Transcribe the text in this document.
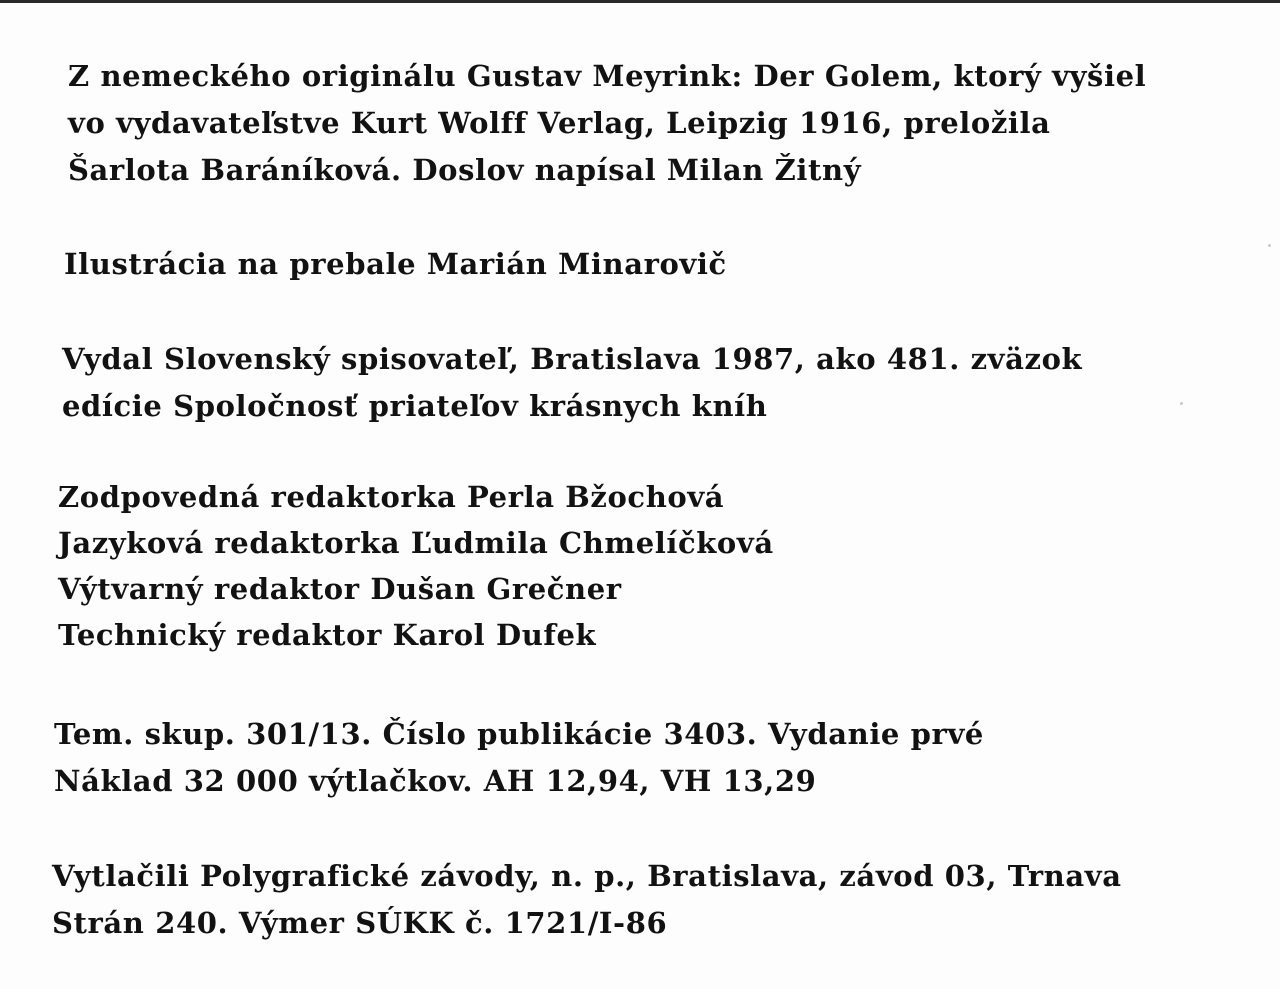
Z nemeckého originálu Gustav Meyrink: Der Golem, ktorý vyšiel
vo vydavateľstve Kurt Wolff Verlag, Leipzig 1916, preložila
Šarlota Baráníková. Doslov napísal Milan Žitný
Ilustrácia na prebale Marián Minarovič
Vydal Slovenský spisovateľ, Bratislava 1987, ako 481. zväzok
edície Spoločnosť priateľov krásnych kníh
Zodpovedná redaktorka Perla Bžochová
Jazyková redaktorka Ľudmila Chmelíčková
Výtvarný redaktor Dušan Grečner
Technický redaktor Karol Dufek
Tem. skup. 301/13. Číslo publikácie 3403. Vydanie prvé
Náklad 32 000 výtlačkov. AH 12,94, VH 13,29
Vytlačili Polygrafické závody, n. p., Bratislava, závod 03, Trnava
Strán 240. Výmer SÚKK č. 1721/I-86
